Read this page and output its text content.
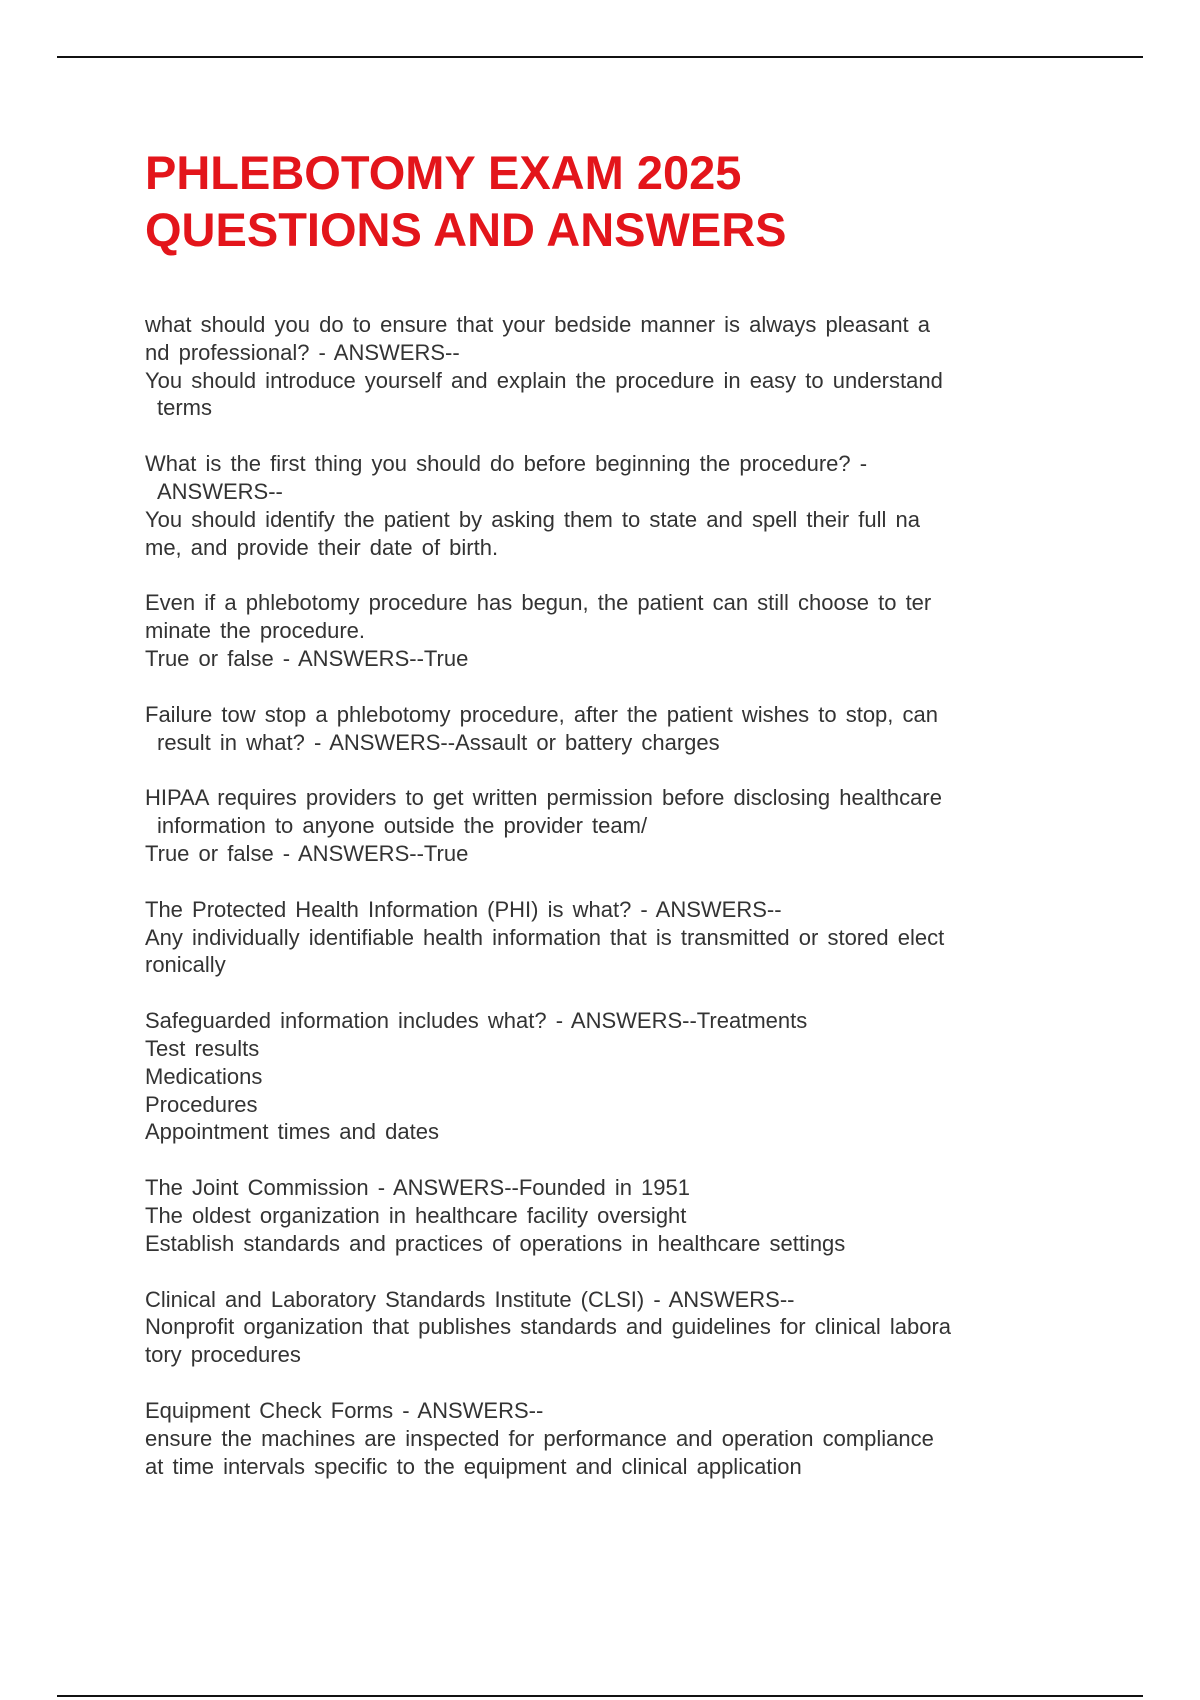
PHLEBOTOMY EXAM 2025
QUESTIONS AND ANSWERS
what should you do to ensure that your bedside manner is always pleasant a
nd professional? - ANSWERS--
You should introduce yourself and explain the procedure in easy to understand
terms
What is the first thing you should do before beginning the procedure? -
ANSWERS--
You should identify the patient by asking them to state and spell their full na
me, and provide their date of birth.
Even if a phlebotomy procedure has begun, the patient can still choose to ter
minate the procedure.
True or false - ANSWERS--True
Failure tow stop a phlebotomy procedure, after the patient wishes to stop, can
result in what? - ANSWERS--Assault or battery charges
HIPAA requires providers to get written permission before disclosing healthcare
information to anyone outside the provider team/
True or false - ANSWERS--True
The Protected Health Information (PHI) is what? - ANSWERS--
Any individually identifiable health information that is transmitted or stored elect
ronically
Safeguarded information includes what? - ANSWERS--Treatments
Test results
Medications
Procedures
Appointment times and dates
The Joint Commission - ANSWERS--Founded in 1951
The oldest organization in healthcare facility oversight
Establish standards and practices of operations in healthcare settings
Clinical and Laboratory Standards Institute (CLSI) - ANSWERS--
Nonprofit organization that publishes standards and guidelines for clinical labora
tory procedures
Equipment Check Forms - ANSWERS--
ensure the machines are inspected for performance and operation compliance
at time intervals specific to the equipment and clinical application
